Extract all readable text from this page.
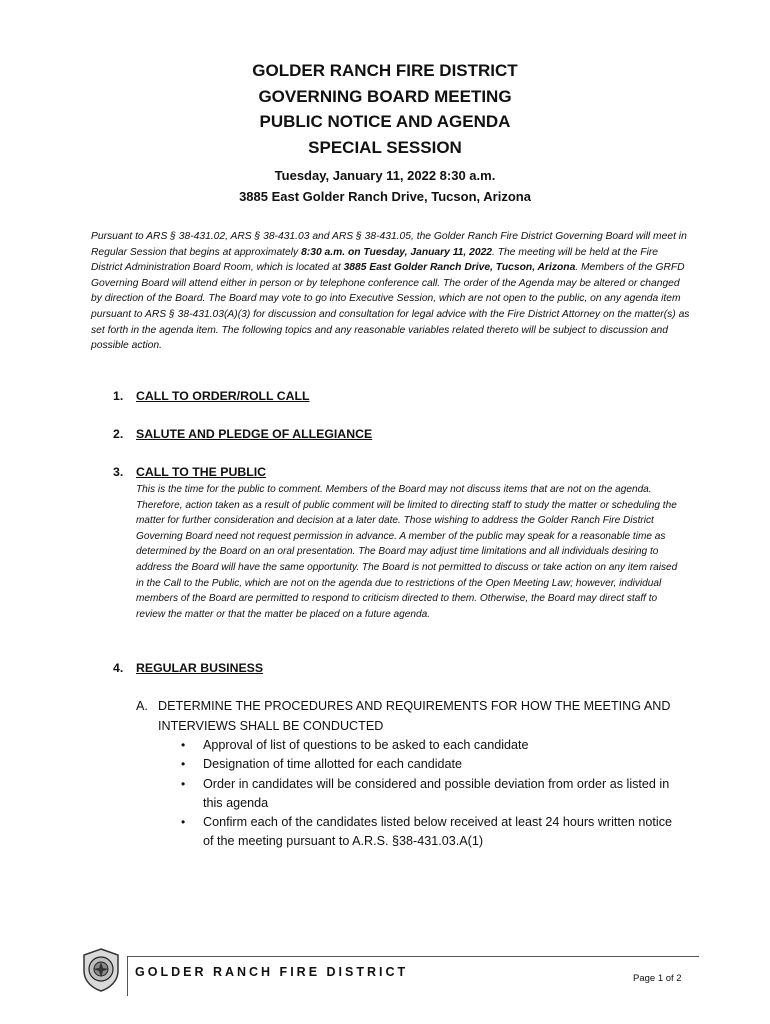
GOLDER RANCH FIRE DISTRICT
GOVERNING BOARD MEETING
PUBLIC NOTICE AND AGENDA
SPECIAL SESSION
Tuesday, January 11, 2022 8:30 a.m.
3885 East Golder Ranch Drive, Tucson, Arizona
Pursuant to ARS § 38-431.02, ARS § 38-431.03 and ARS § 38-431.05, the Golder Ranch Fire District Governing Board will meet in Regular Session that begins at approximately 8:30 a.m. on Tuesday, January 11, 2022. The meeting will be held at the Fire District Administration Board Room, which is located at 3885 East Golder Ranch Drive, Tucson, Arizona. Members of the GRFD Governing Board will attend either in person or by telephone conference call. The order of the Agenda may be altered or changed by direction of the Board. The Board may vote to go into Executive Session, which are not open to the public, on any agenda item pursuant to ARS § 38-431.03(A)(3) for discussion and consultation for legal advice with the Fire District Attorney on the matter(s) as set forth in the agenda item. The following topics and any reasonable variables related thereto will be subject to discussion and possible action.
1. CALL TO ORDER/ROLL CALL
2. SALUTE AND PLEDGE OF ALLEGIANCE
3. CALL TO THE PUBLIC
This is the time for the public to comment. Members of the Board may not discuss items that are not on the agenda. Therefore, action taken as a result of public comment will be limited to directing staff to study the matter or scheduling the matter for further consideration and decision at a later date. Those wishing to address the Golder Ranch Fire District Governing Board need not request permission in advance. A member of the public may speak for a reasonable time as determined by the Board on an oral presentation. The Board may adjust time limitations and all individuals desiring to address the Board will have the same opportunity. The Board is not permitted to discuss or take action on any item raised in the Call to the Public, which are not on the agenda due to restrictions of the Open Meeting Law; however, individual members of the Board are permitted to respond to criticism directed to them. Otherwise, the Board may direct staff to review the matter or that the matter be placed on a future agenda.
4. REGULAR BUSINESS
A. DETERMINE THE PROCEDURES AND REQUIREMENTS FOR HOW THE MEETING AND INTERVIEWS SHALL BE CONDUCTED
• Approval of list of questions to be asked to each candidate
• Designation of time allotted for each candidate
• Order in candidates will be considered and possible deviation from order as listed in this agenda
• Confirm each of the candidates listed below received at least 24 hours written notice of the meeting pursuant to A.R.S. §38-431.03.A(1)
GOLDER RANCH FIRE DISTRICT	Page 1 of 2
